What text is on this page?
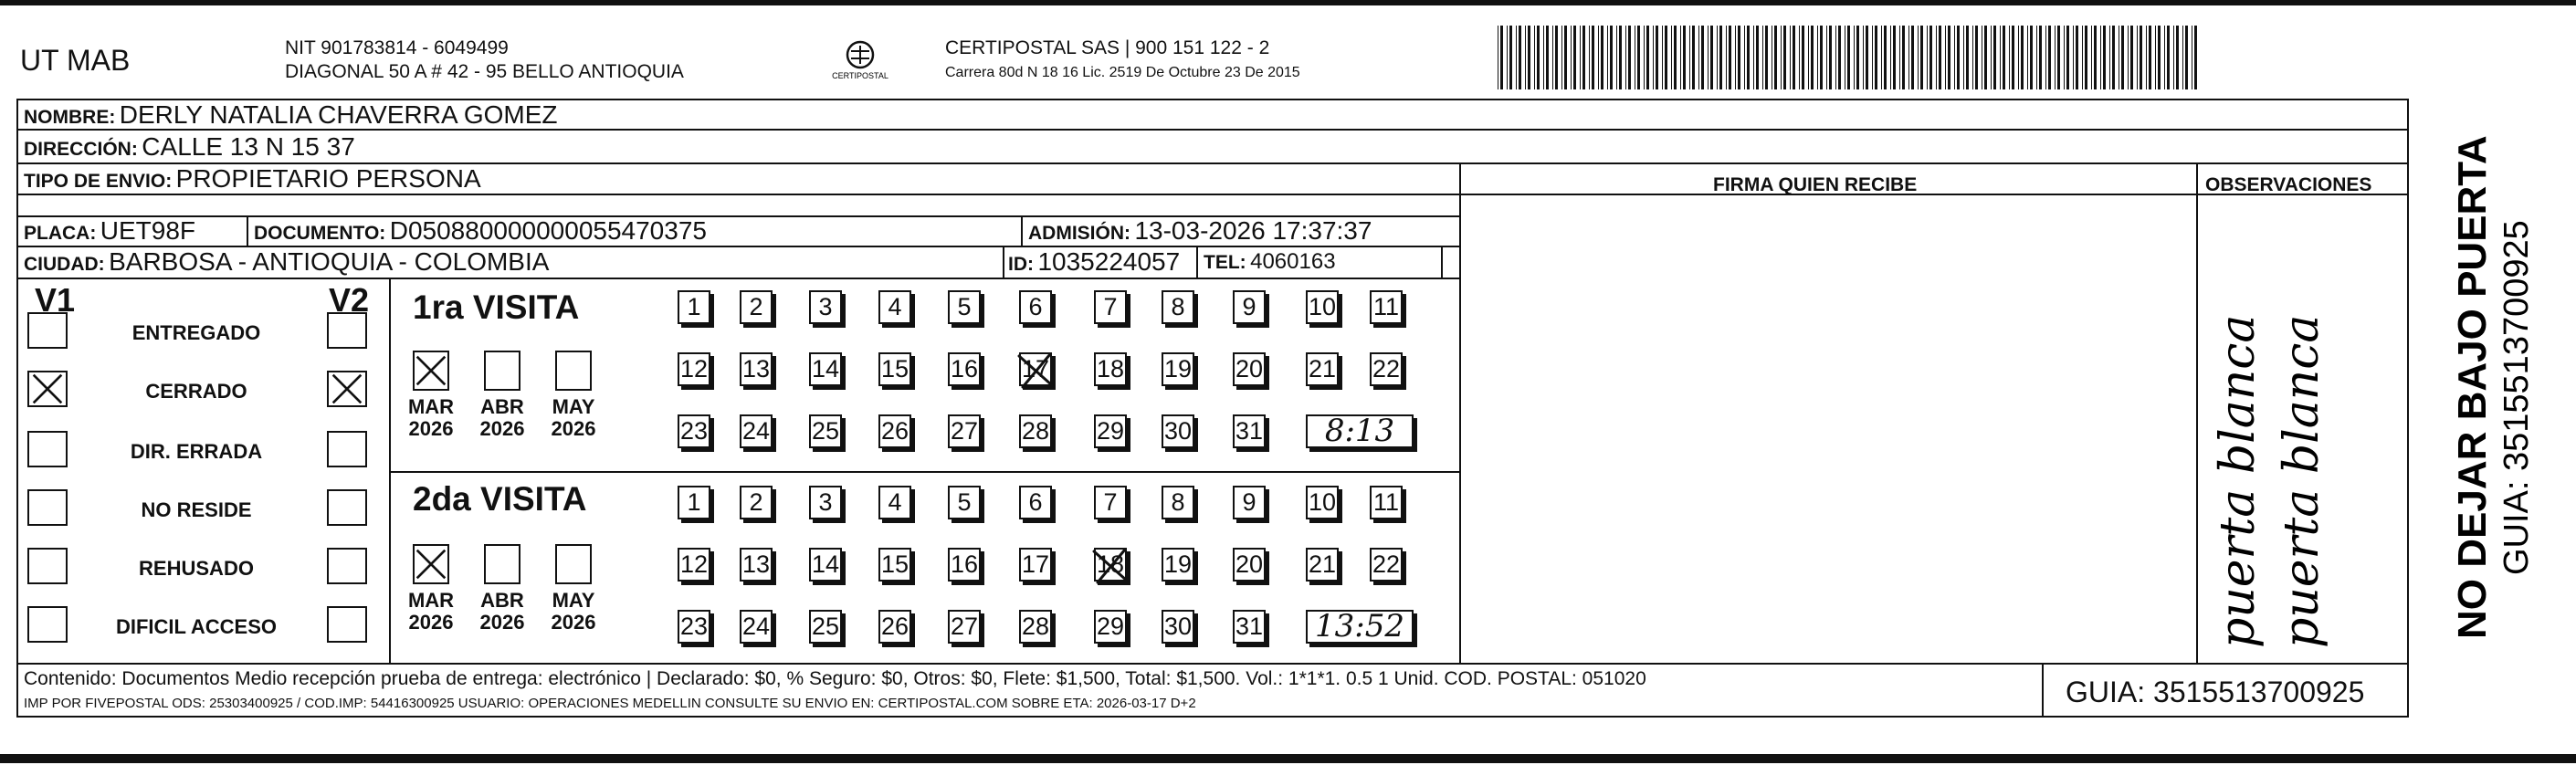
UT MAB	NIT 901783814 - 6049499
DIAGONAL 50 A # 42 - 95 BELLO ANTIOQUIA	CERTIPOSTAL
CERTIPOSTAL SAS | 900 151 122 - 2
Carrera 80d N 18 16 Lic. 2519 De Octubre 23 De 2015
NOMBRE: DERLY NATALIA CHAVERRA GOMEZ
DIRECCIÓN: CALLE 13 N 15 37
TIPO DE ENVIO: PROPIETARIO PERSONA	FIRMA QUIEN RECIBE	OBSERVACIONES
PLACA: UET98F	DOCUMENTO: D050880000000055470375	ADMISIÓN: 13-03-2026 17:37:37
CIUDAD: BARBOSA - ANTIOQUIA - COLOMBIA	ID: 1035224057 TEL: 4060163
V1	V2
ENTREGADO
CERRADO
DIR. ERRADA
NO RESIDE
REHUSADO
DIFICIL ACCESO
1ra VISITA
MAR
2026
ABR
2026
MAY
2026
1	2	3	4	5	6	7	8	9	10 11
12 13 14 15 16 17 18 19 20 21 22
23 24 25 26 27 28 29 30 31	8:13
2da VISITA
MAR
2026
ABR
2026
MAY
2026
1	2	3	4	5	6	7	8	9	10 11
12 13 14 15 16 17 18 19 20 21 22
23 24 25 26 27 28 29 30 31 13:52	puerta blanca puerta blanca
Contenido: Documentos Medio recepción prueba de entrega: electrónico | Declarado: $0, % Seguro: $0, Otros: $0, Flete: $1,500, Total: $1,500. Vol.: 1*1*1. 0.5 1 Unid. COD. POSTAL: 051020
IMP POR FIVEPOSTAL ODS: 25303400925 / COD.IMP: 54416300925 USUARIO: OPERACIONES MEDELLIN CONSULTE SU ENVIO EN: CERTIPOSTAL.COM SOBRE ETA: 2026-03-17 D+2	GUIA: 3515513700925
NO DEJAR BAJO PUERTA GUIA: 3515513700925
